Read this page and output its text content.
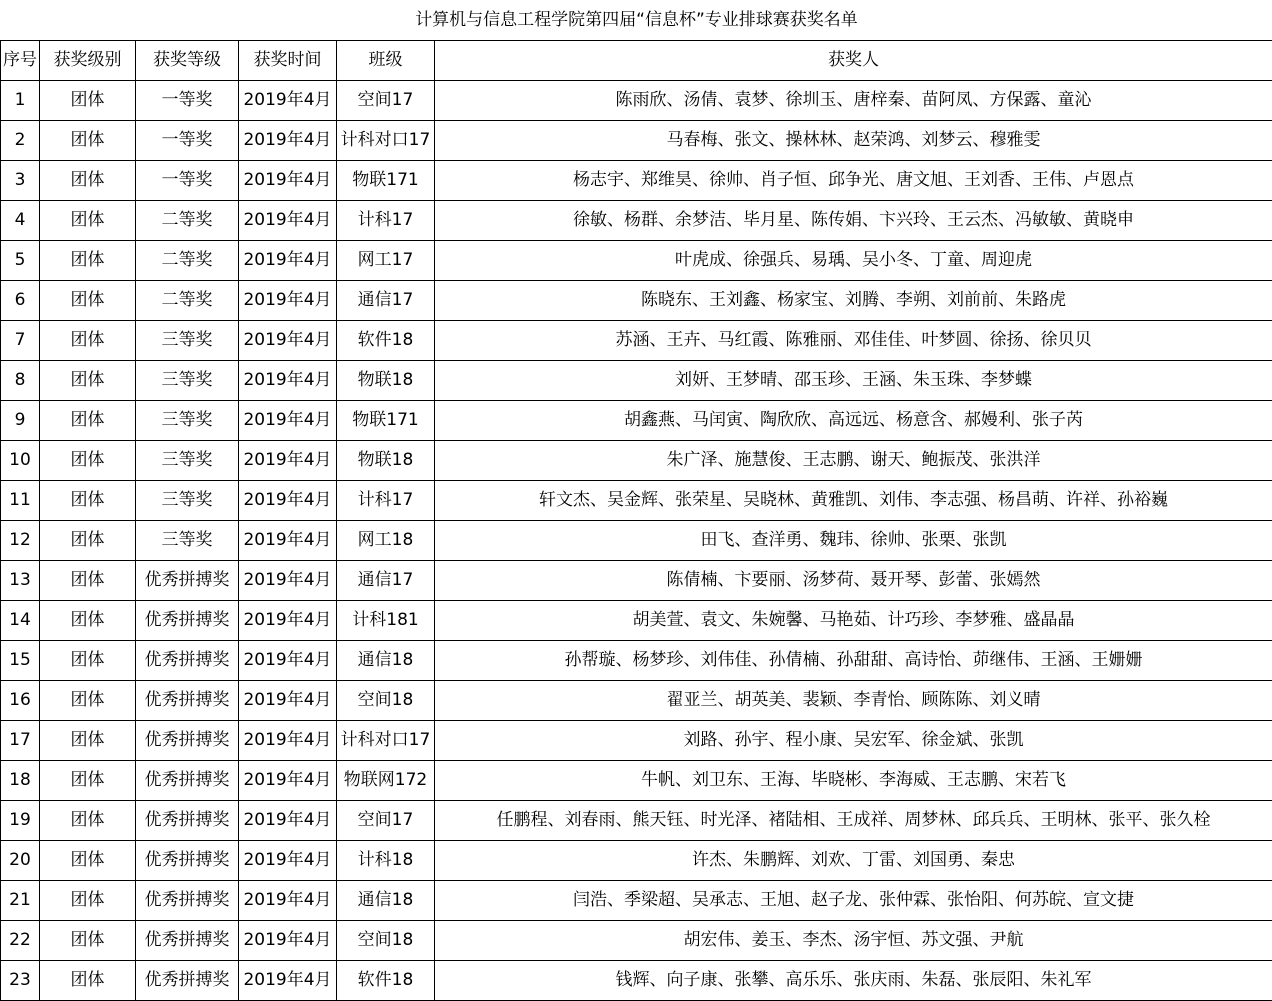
计算机与信息工程学院第四届“信息杯”专业排球赛获奖名单					
序号	获奖级别	获奖等级	获奖时间	班级	获奖人
1	团体	一等奖	2019年4月	空间17	陈雨欣、汤倩、袁梦、徐圳玉、唐梓秦、苗阿凤、方保露、童沁
2	团体	一等奖	2019年4月	计科对口17	马春梅、张文、操林林、赵荣鸿、刘梦云、穆雅雯
3	团体	一等奖	2019年4月	物联171	杨志宇、郑维昊、徐帅、肖子恒、邱争光、唐文旭、王刘香、王伟、卢恩点
4	团体	二等奖	2019年4月	计科17	徐敏、杨群、余梦洁、毕月星、陈传娟、卞兴玲、王云杰、冯敏敏、黄晓申
5	团体	二等奖	2019年4月	网工17	叶虎成、徐强兵、易瑀、吴小冬、丁童、周迎虎
6	团体	二等奖	2019年4月	通信17	陈晓东、王刘鑫、杨家宝、刘腾、李朔、刘前前、朱路虎
7	团体	三等奖	2019年4月	软件18	苏涵、王卉、马红霞、陈雅丽、邓佳佳、叶梦圆、徐扬、徐贝贝
8	团体	三等奖	2019年4月	物联18	刘妍、王梦晴、邵玉珍、王涵、朱玉珠、李梦蝶
9	团体	三等奖	2019年4月	物联171	胡鑫燕、马闰寅、陶欣欣、高远远、杨意含、郝嫚利、张子芮
10	团体	三等奖	2019年4月	物联18	朱广泽、施慧俊、王志鹏、谢天、鲍振茂、张洪洋
11	团体	三等奖	2019年4月	计科17	轩文杰、吴金辉、张荣星、吴晓林、黄雅凯、刘伟、李志强、杨昌萌、许祥、孙裕巍
12	团体	三等奖	2019年4月	网工18	田飞、查洋勇、魏玮、徐帅、张栗、张凯
13	团体	优秀拼搏奖	2019年4月	通信17	陈倩楠、卞要丽、汤梦荷、聂开琴、彭蕾、张嫣然
14	团体	优秀拼搏奖	2019年4月	计科181	胡美萱、袁文、朱婉馨、马艳茹、计巧珍、李梦雅、盛晶晶
15	团体	优秀拼搏奖	2019年4月	通信18	孙帮璇、杨梦珍、刘伟佳、孙倩楠、孙甜甜、高诗怡、茆继伟、王涵、王姗姗
16	团体	优秀拼搏奖	2019年4月	空间18	翟亚兰、胡英美、裴颖、李青怡、顾陈陈、刘义晴
17	团体	优秀拼搏奖	2019年4月	计科对口17	刘路、孙宇、程小康、吴宏军、徐金斌、张凯
18	团体	优秀拼搏奖	2019年4月	物联网172	牛帆、刘卫东、王海、毕晓彬、李海威、王志鹏、宋若飞
19	团体	优秀拼搏奖	2019年4月	空间17	任鹏程、刘春雨、熊天钰、时光泽、褚陆相、王成祥、周梦林、邱兵兵、王明林、张平、张久栓
20	团体	优秀拼搏奖	2019年4月	计科18	许杰、朱鹏辉、刘欢、丁雷、刘国勇、秦忠
21	团体	优秀拼搏奖	2019年4月	通信18	闫浩、季梁超、吴承志、王旭、赵子龙、张仲霖、张怡阳、何苏皖、宣文捷
22	团体	优秀拼搏奖	2019年4月	空间18	胡宏伟、姜玉、李杰、汤宇恒、苏文强、尹航
23	团体	优秀拼搏奖	2019年4月	软件18	钱辉、向子康、张攀、高乐乐、张庆雨、朱磊、张辰阳、朱礼军
